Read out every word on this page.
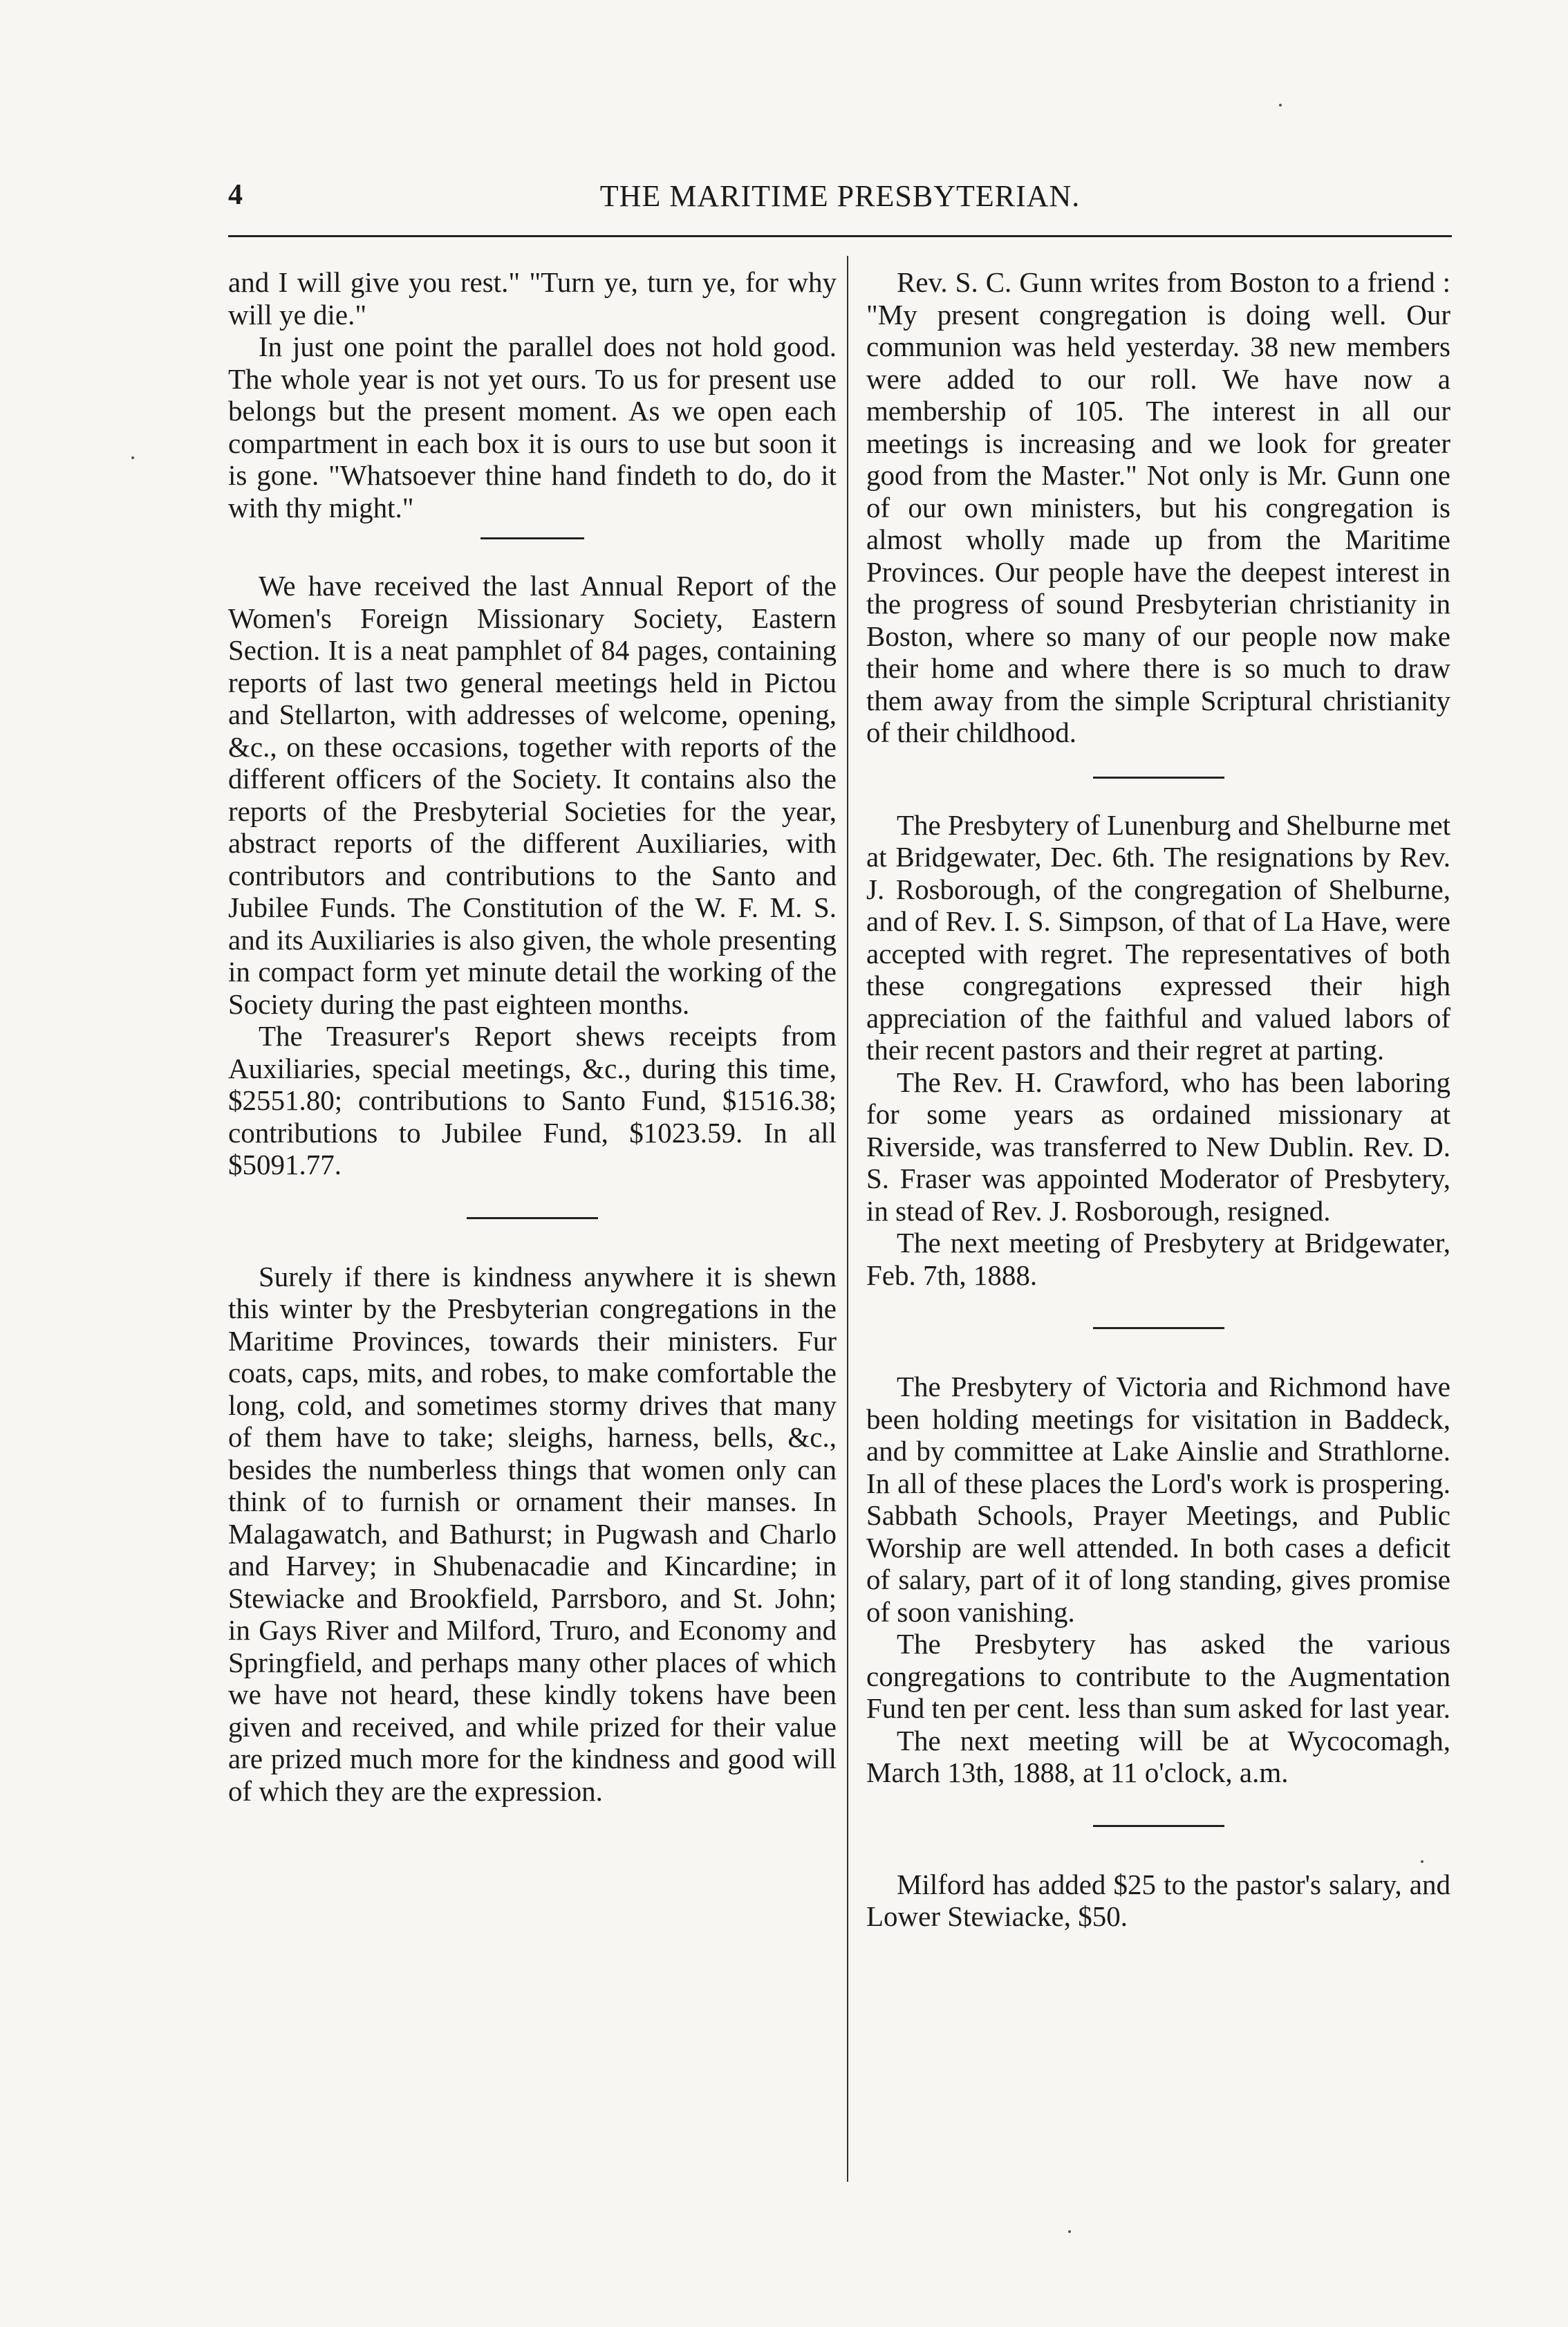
4	THE MARITIME PRESBYTERIAN.

and I will give you rest." "Turn ye, turn ye, for why will ye die."

In just one point the parallel does not hold good. The whole year is not yet ours. To us for present use belongs but the present moment. As we open each compartment in each box it is ours to use but soon it is gone. "Whatsoever thine hand findeth to do, do it with thy might."

We have received the last Annual Report of the Women's Foreign Missionary Society, Eastern Section. It is a neat pamphlet of 84 pages, containing reports of last two general meetings held in Pictou and Stellarton, with addresses of welcome, opening, &c., on these occasions, together with reports of the different officers of the Society. It contains also the reports of the Presbyterial Societies for the year, abstract reports of the different Auxiliaries, with contributors and contributions to the Santo and Jubilee Funds. The Constitution of the W. F. M. S. and its Auxiliaries is also given, the whole presenting in compact form yet minute detail the working of the Society during the past eighteen months.

The Treasurer's Report shews receipts from Auxiliaries, special meetings, &c., during this time, $2551.80; contributions to Santo Fund, $1516.38; contributions to Jubilee Fund, $1023.59. In all $5091.77.

Surely if there is kindness anywhere it is shewn this winter by the Presbyterian congregations in the Maritime Provinces, towards their ministers. Fur coats, caps, mits, and robes, to make comfortable the long, cold, and sometimes stormy drives that many of them have to take; sleighs, harness, bells, &c., besides the numberless things that women only can think of to furnish or ornament their manses. In Malagawatch, and Bathurst; in Pugwash and Charlo and Harvey; in Shubenacadie and Kincardine; in Stewiacke and Brookfield, Parrsboro, and St. John; in Gays River and Milford, Truro, and Economy and Springfield, and perhaps many other places of which we have not heard, these kindly tokens have been given and received, and while prized for their value are prized much more for the kindness and good will of which they are the expression.

Rev. S. C. Gunn writes from Boston to a friend : "My present congregation is doing well. Our communion was held yesterday. 38 new members were added to our roll. We have now a membership of 105. The interest in all our meetings is increasing and we look for greater good from the Master." Not only is Mr. Gunn one of our own ministers, but his congregation is almost wholly made up from the Maritime Provinces. Our people have the deepest interest in the progress of sound Presbyterian christianity in Boston, where so many of our people now make their home and where there is so much to draw them away from the simple Scriptural christianity of their childhood.

The Presbytery of Lunenburg and Shelburne met at Bridgewater, Dec. 6th. The resignations by Rev. J. Rosborough, of the congregation of Shelburne, and of Rev. I. S. Simpson, of that of La Have, were accepted with regret. The representatives of both these congregations expressed their high appreciation of the faithful and valued labors of their recent pastors and their regret at parting.

The Rev. H. Crawford, who has been laboring for some years as ordained missionary at Riverside, was transferred to New Dublin. Rev. D. S. Fraser was appointed Moderator of Presbytery, in stead of Rev. J. Rosborough, resigned.

The next meeting of Presbytery at Bridgewater, Feb. 7th, 1888.

The Presbytery of Victoria and Richmond have been holding meetings for visitation in Baddeck, and by committee at Lake Ainslie and Strathlorne. In all of these places the Lord's work is prospering. Sabbath Schools, Prayer Meetings, and Public Worship are well attended. In both cases a deficit of salary, part of it of long standing, gives promise of soon vanishing.

The Presbytery has asked the various congregations to contribute to the Augmentation Fund ten per cent. less than sum asked for last year.

The next meeting will be at Wycocomagh, March 13th, 1888, at 11 o'clock, a.m.

Milford has added $25 to the pastor's salary, and Lower Stewiacke, $50.
